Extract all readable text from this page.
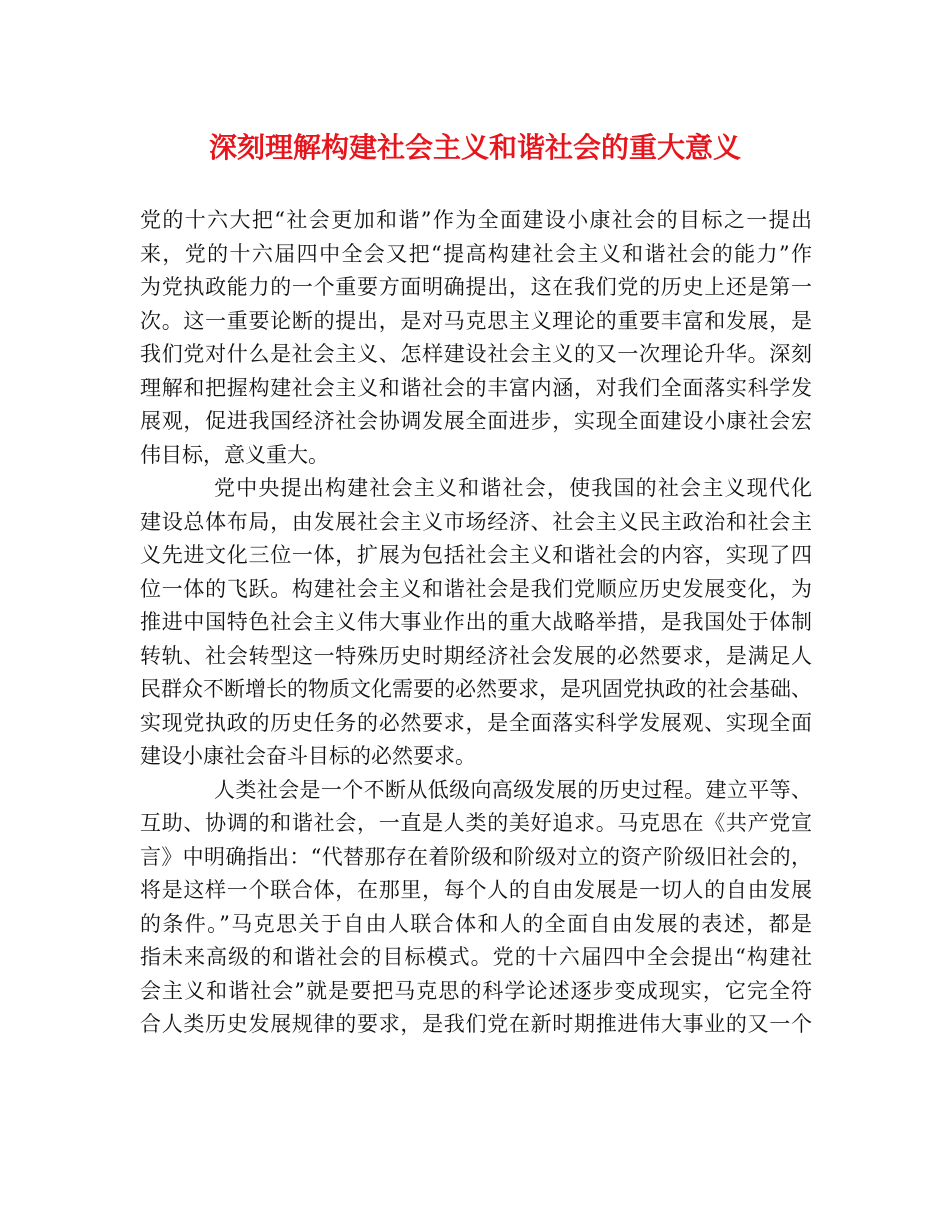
深刻理解构建社会主义和谐社会的重大意义
党的十六大把“社会更加和谐”作为全面建设小康社会的目标之一提出
来，党的十六届四中全会又把“提高构建社会主义和谐社会的能力”作
为党执政能力的一个重要方面明确提出，这在我们党的历史上还是第一
次。这一重要论断的提出，是对马克思主义理论的重要丰富和发展，是
我们党对什么是社会主义、怎样建设社会主义的又一次理论升华。深刻
理解和把握构建社会主义和谐社会的丰富内涵，对我们全面落实科学发
展观，促进我国经济社会协调发展全面进步，实现全面建设小康社会宏
伟目标，意义重大。
党中央提出构建社会主义和谐社会，使我国的社会主义现代化
建设总体布局，由发展社会主义市场经济、社会主义民主政治和社会主
义先进文化三位一体，扩展为包括社会主义和谐社会的内容，实现了四
位一体的飞跃。构建社会主义和谐社会是我们党顺应历史发展变化，为
推进中国特色社会主义伟大事业作出的重大战略举措，是我国处于体制
转轨、社会转型这一特殊历史时期经济社会发展的必然要求，是满足人
民群众不断增长的物质文化需要的必然要求，是巩固党执政的社会基础、
实现党执政的历史任务的必然要求，是全面落实科学发展观、实现全面
建设小康社会奋斗目标的必然要求。
人类社会是一个不断从低级向高级发展的历史过程。建立平等、
互助、协调的和谐社会，一直是人类的美好追求。马克思在《共产党宣
言》中明确指出：“代替那存在着阶级和阶级对立的资产阶级旧社会的，
将是这样一个联合体，在那里，每个人的自由发展是一切人的自由发展
的条件。”马克思关于自由人联合体和人的全面自由发展的表述，都是
指未来高级的和谐社会的目标模式。党的十六届四中全会提出“构建社
会主义和谐社会”就是要把马克思的科学论述逐步变成现实，它完全符
合人类历史发展规律的要求，是我们党在新时期推进伟大事业的又一个
